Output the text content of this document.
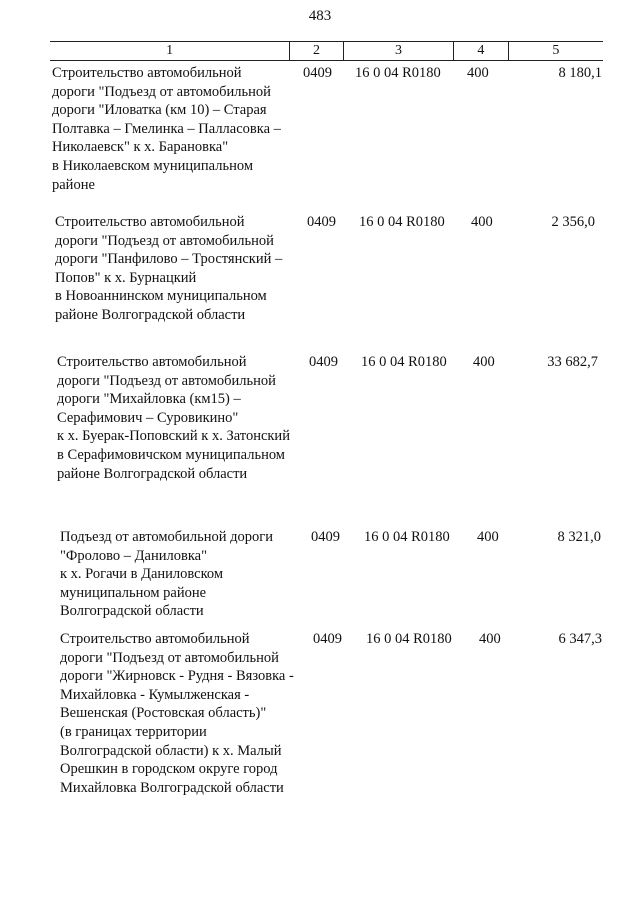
483
1	2	3	4	5
Строительство автомобильной
дороги "Подъезд от автомобильной
дороги "Иловатка (км 10) – Старая
Полтавка – Гмелинка – Палласовка –
Николаевск" к х. Барановка"
в Николаевском муниципальном
районе
0409 16 0 04 R0180 400	8 180,1
Строительство автомобильной
дороги "Подъезд от автомобильной
дороги "Панфилово – Тростянский –
Попов" к х. Бурнацкий
в Новоаннинском муниципальном
районе Волгоградской области
0409 16 0 04 R0180 400	2 356,0
Строительство автомобильной
дороги "Подъезд от автомобильной
дороги "Михайловка (км15) –
Серафимович – Суровикино"
к х. Буерак-Поповский к х. Затонский
в Серафимовичском муниципальном
районе Волгоградской области
0409 16 0 04 R0180 400	33 682,7
Подъезд от автомобильной дороги
"Фролово – Даниловка"
к х. Рогачи в Даниловском
муниципальном районе
Волгоградской области
0409 16 0 04 R0180 400	8 321,0
Строительство автомобильной
дороги "Подъезд от автомобильной
дороги "Жирновск - Рудня - Вязовка -
Михайловка - Кумылженская -
Вешенская (Ростовская область)"
(в границах территории
Волгоградской области) к х. Малый
Орешкин в городском округе город
Михайловка Волгоградской области
0409 16 0 04 R0180 400	6 347,3
